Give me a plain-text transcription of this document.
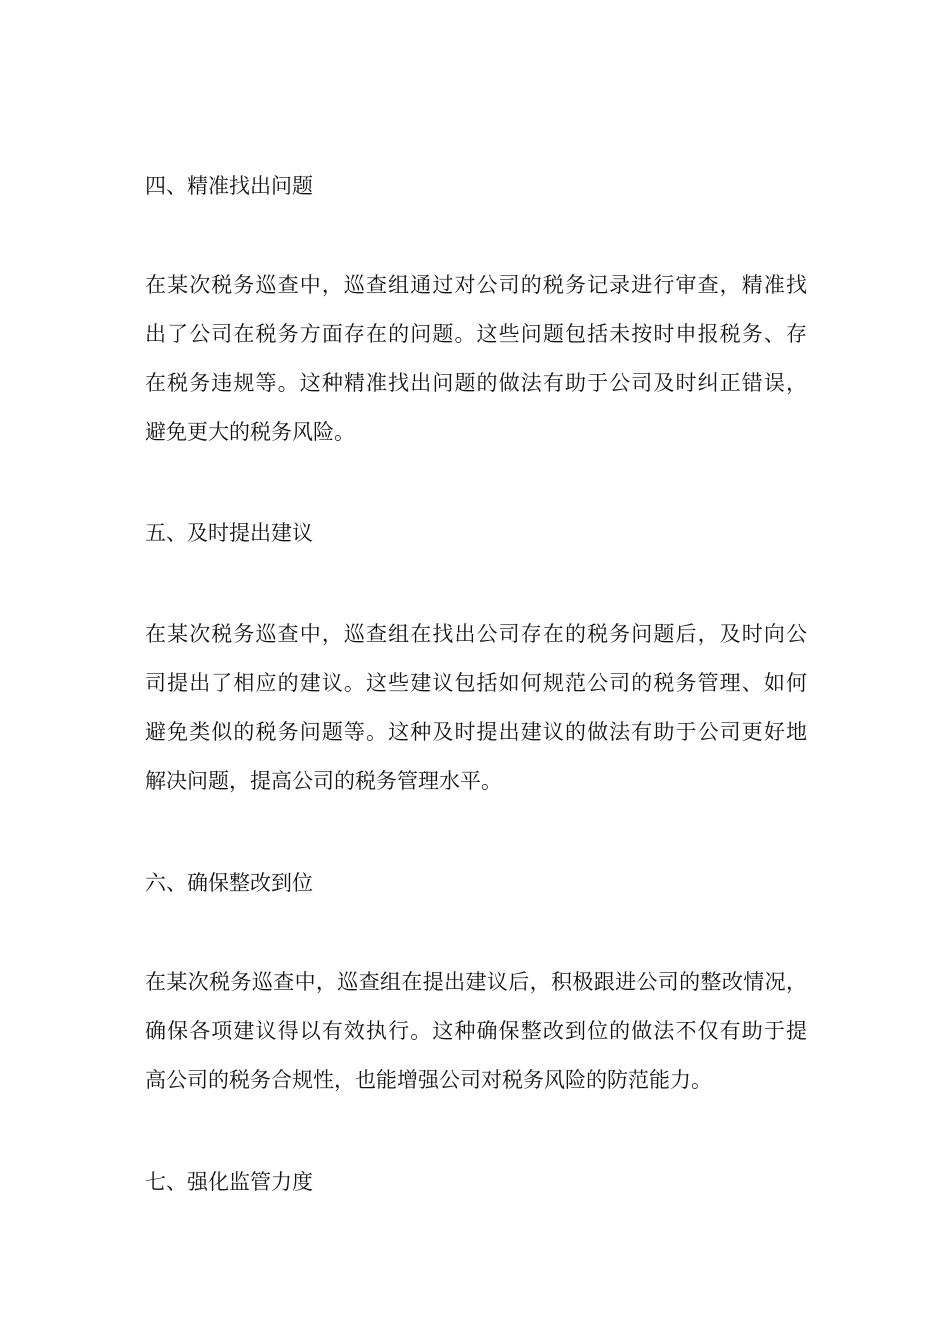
四、精准找出问题
在某次税务巡查中，巡查组通过对公司的税务记录进行审查，精准找
出了公司在税务方面存在的问题。这些问题包括未按时申报税务、存
在税务违规等。这种精准找出问题的做法有助于公司及时纠正错误，
避免更大的税务风险。
五、及时提出建议
在某次税务巡查中，巡查组在找出公司存在的税务问题后，及时向公
司提出了相应的建议。这些建议包括如何规范公司的税务管理、如何
避免类似的税务问题等。这种及时提出建议的做法有助于公司更好地
解决问题，提高公司的税务管理水平。
六、确保整改到位
在某次税务巡查中，巡查组在提出建议后，积极跟进公司的整改情况，
确保各项建议得以有效执行。这种确保整改到位的做法不仅有助于提
高公司的税务合规性，也能增强公司对税务风险的防范能力。
七、强化监管力度
